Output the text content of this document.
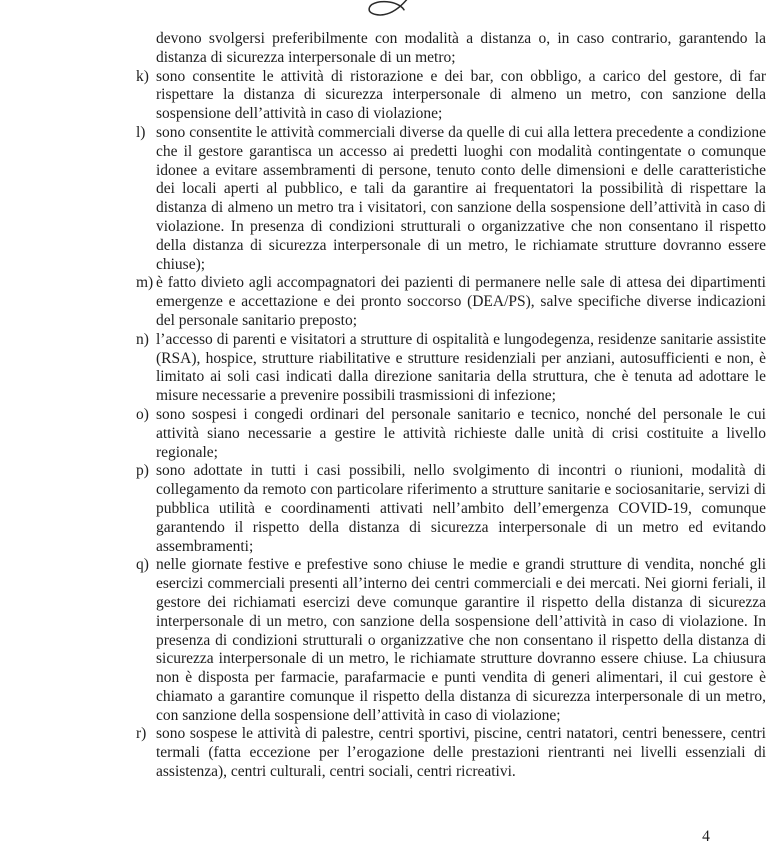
devono svolgersi preferibilmente con modalità a distanza o, in caso contrario, garantendo la distanza di sicurezza interpersonale di un metro;

k) sono consentite le attività di ristorazione e dei bar, con obbligo, a carico del gestore, di far rispettare la distanza di sicurezza interpersonale di almeno un metro, con sanzione della sospensione dell’attività in caso di violazione;
l) sono consentite le attività commerciali diverse da quelle di cui alla lettera precedente a condizione che il gestore garantisca un accesso ai predetti luoghi con modalità contingentate o comunque idonee a evitare assembramenti di persone, tenuto conto delle dimensioni e delle caratteristiche dei locali aperti al pubblico, e tali da garantire ai frequentatori la possibilità di rispettare la distanza di almeno un metro tra i visitatori, con sanzione della sospensione dell’attività in caso di violazione. In presenza di condizioni strutturali o organizzative che non consentano il rispetto della distanza di sicurezza interpersonale di un metro, le richiamate strutture dovranno essere chiuse);
m) è fatto divieto agli accompagnatori dei pazienti di permanere nelle sale di attesa dei dipartimenti emergenze e accettazione e dei pronto soccorso (DEA/PS), salve specifiche diverse indicazioni del personale sanitario preposto;
n) l’accesso di parenti e visitatori a strutture di ospitalità e lungodegenza, residenze sanitarie assistite (RSA), hospice, strutture riabilitative e strutture residenziali per anziani, autosufficienti e non, è limitato ai soli casi indicati dalla direzione sanitaria della struttura, che è tenuta ad adottare le misure necessarie a prevenire possibili trasmissioni di infezione;
o) sono sospesi i congedi ordinari del personale sanitario e tecnico, nonché del personale le cui attività siano necessarie a gestire le attività richieste dalle unità di crisi costituite a livello regionale;
p) sono adottate in tutti i casi possibili, nello svolgimento di incontri o riunioni, modalità di collegamento da remoto con particolare riferimento a strutture sanitarie e sociosanitarie, servizi di pubblica utilità e coordinamenti attivati nell’ambito dell’emergenza COVID-19, comunque garantendo il rispetto della distanza di sicurezza interpersonale di un metro ed evitando assembramenti;
q) nelle giornate festive e prefestive sono chiuse le medie e grandi strutture di vendita, nonché gli esercizi commerciali presenti all’interno dei centri commerciali e dei mercati. Nei giorni feriali, il gestore dei richiamati esercizi deve comunque garantire il rispetto della distanza di sicurezza interpersonale di un metro, con sanzione della sospensione dell’attività in caso di violazione. In presenza di condizioni strutturali o organizzative che non consentano il rispetto della distanza di sicurezza interpersonale di un metro, le richiamate strutture dovranno essere chiuse. La chiusura non è disposta per farmacie, parafarmacie e punti vendita di generi alimentari, il cui gestore è chiamato a garantire comunque il rispetto della distanza di sicurezza interpersonale di un metro, con sanzione della sospensione dell’attività in caso di violazione;
r) sono sospese le attività di palestre, centri sportivi, piscine, centri natatori, centri benessere, centri termali (fatta eccezione per l’erogazione delle prestazioni rientranti nei livelli essenziali di assistenza), centri culturali, centri sociali, centri ricreativi.
4
